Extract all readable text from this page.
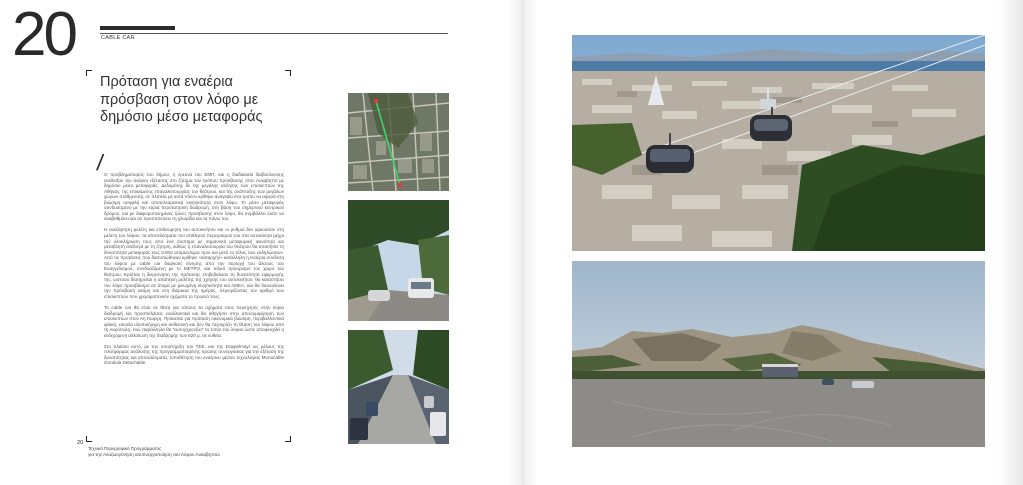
20	CABLE CAR
Πρόταση για εναέρια πρόσβαση στον λόφο με δημόσιο μέσο μεταφοράς
/ Ο προβληματισμός του δήμου, η έρευνα του ΕΜΠ, και η διαδικασία διαβούλευσης ανέδειξαν την ανάγκη εξέτασης στο ζήτημα του τρόπου πρόσβασης στον Λυκαβηττό με δημόσιο μέσο μεταφοράς. Δεδομένης δε της μεγάλης αύξησης των επισκεπτών της Αθήνας, της επικείμενης επαναλειτουργίας του θεάτρου, και της ανάπτυξης των μεγάλων χώρων στάθμευσης σε πλατεία με αυτά πλέον κρίθηκε αναγκαίο ένα τρόπο να αφορά στη βιώσιμη ασφαλή και αποτελεσματική κινητικότητα στον λόφο. Το μέσο μεταφοράς συνδυασμένο με την κύρια περιπατητική διαδρομή, στη βάση του σημερινού κεντρικού δρόμου, και με διαφοροποιημένες ζώνες πρόσβασης στον λόφο, θα συμβάλλει ώστε να αναβαθμίσει και να προστατεύσει τη χλωρίδα και τα πάνω του.

Η ανεξάρτητη μελέτη και επιθεώρηση του αυτοκινήτου και οι ρυθμοί δεν αρκούσαν στη μελέτη του λόφου, τα αποτελέσματα του σταθερού περιορισμού του στα αυτοκίνητα μέχρι την ολοκλήρωση τους από ένα σύστημα με σημαντική μεταφορική ικανότητα και μεταβλητή ανάλογα με τη ζήτηση, καθώς η επαναλειτουργία του θεάτρου θα απαιτήσει τη δυνατότητα μεταφοράς έως 3.000 ατόμων/ώρα πριν και μετά το τέλος των εκδηλώσεων. Από τις προτάσεις που διατυπώθηκαν κρίθηκε «καταρχήν» κατάλληλη η εναέρια σύνδεση του λόφου με cable car διαρκούς κίνησης από την περιοχή του άλσους του Ευαγγελισμού, συνδυαζόμενη με το ΜΕΤΡΟ, και τελικό προορισμό τον χώρο του θεάτρου. Ερίσταν η διερεύνηση της πρότασης επιβεβαίωσε τη δυνατότητα εφαρμογής της, ωστόσο διατηρείται η απαίτηση μελέτης της χρήσης του αυτοκινήτου, θα καταστήσει τον λόφο προσβάσιμο σε άτομα με μειωμένη κινητικότητα και ΑΜΕΑ, και θα διευκολύνει την πρόσβαση ακόμη και στη διάρκεια της ημέρας, περιορίζοντας τον αριθμό των επισκεπτών που χρησιμοποιούν οχήματα το πρωινό τους.

Το cable car θα είναι σε θέση για τόπους τα οχήματα τους περιηγητές στην κύρια διαδρομή και προσπελάσεις εναλλακτικά και θα αθηγήσει στην αποσυμφόρηση των επισκεπτών στον Αη Γιώργη. Πρόκειται για πρόταση οικονομικά βιώσιμη, περιβαλλοντικά φιλική, εύκολα υλοποιήσιμη και ανθεκτική και δεν θα περιορίζει τη θέαση του λόφου από τη Ακρόπολη, ενώ παράλληλα θα "εκσυγχρονίζει" το τοπίο του λόφου ώστε αποφευχθεί η ενδεχόμενη αλλοίωση της διαδρομής των 820 μ. σε ευθεία.

Στο πλαίσιο αυτό, με την υποστήριξη του ΤΕΕ, και της Doppelmayr ως μέλους της πλατφόρμας ανάλυσης της προγραμματισμένης πρώτης συνεργασίας για την εξέταση της δυνατότητας και αποτελέσματα, τοποθέτηση του εναέριου μέσου τεχνολογίας Monocable Gondola Detachable.

20
Τεχνικό Περιγραφικό Προγράμματος
για την Αναζωογόνηση και Ενεργοποίηση του Λόφου Λυκαβηττού
